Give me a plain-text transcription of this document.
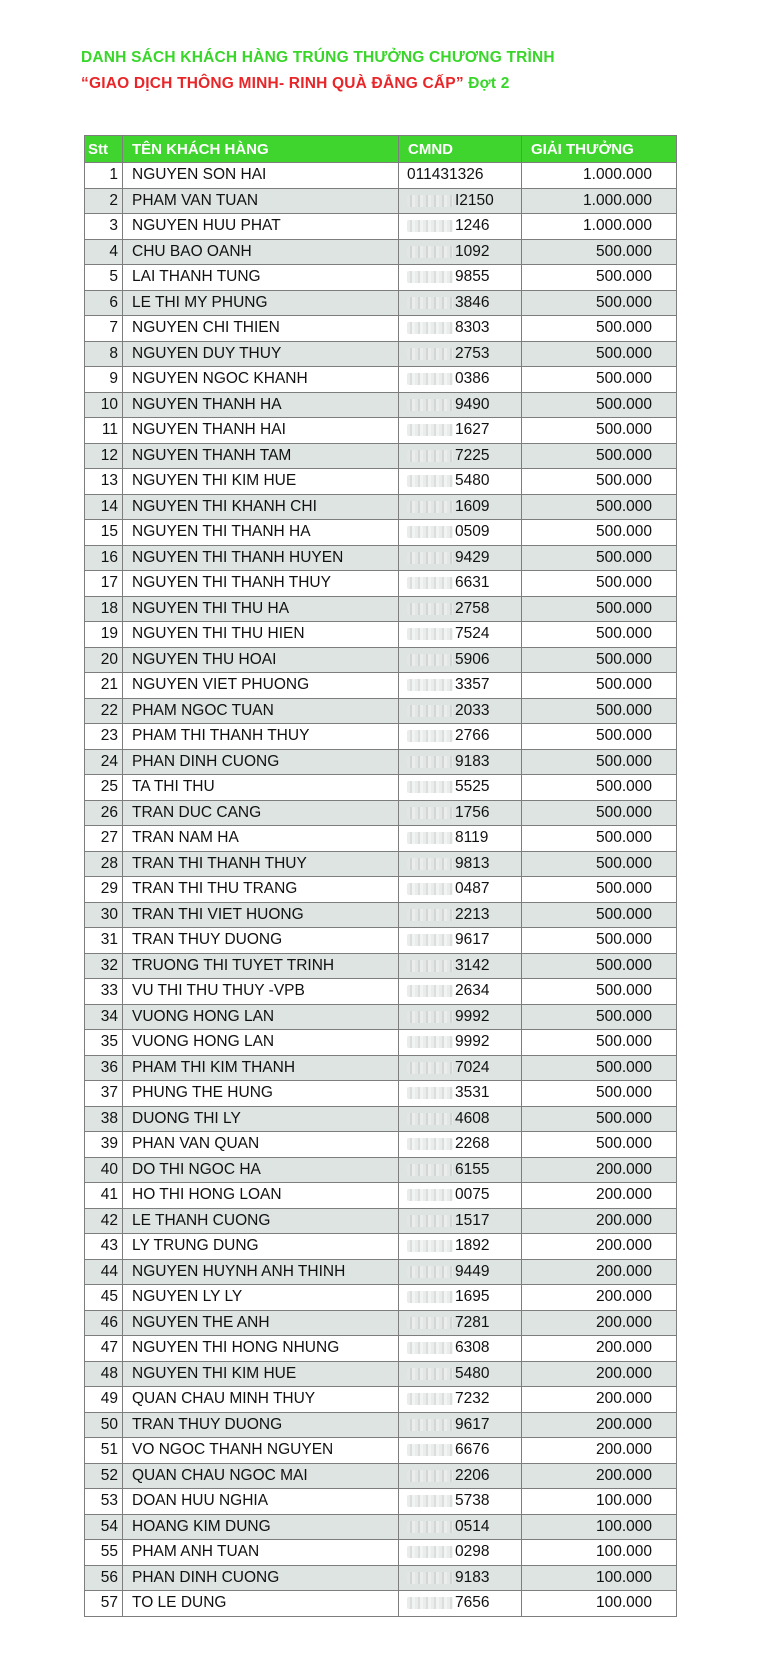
DANH SÁCH KHÁCH HÀNG TRÚNG THƯỞNG CHƯƠNG TRÌNH
“GIAO DỊCH THÔNG MINH- RINH QUÀ ĐẲNG CẤP” Đợt 2
Stt	TÊN KHÁCH HÀNG	CMND	GIẢI THƯỞNG
1	NGUYEN SON HAI	011431326	1.000.000
2	PHAM VAN TUAN	I2150	1.000.000
3	NGUYEN HUU PHAT	1246	1.000.000
4	CHU BAO OANH	1092	500.000
5	LAI THANH TUNG	9855	500.000
6	LE THI MY PHUNG	3846	500.000
7	NGUYEN CHI THIEN	8303	500.000
8	NGUYEN DUY THUY	2753	500.000
9	NGUYEN NGOC KHANH	0386	500.000
10	NGUYEN THANH HA	9490	500.000
11	NGUYEN THANH HAI	1627	500.000
12	NGUYEN THANH TAM	7225	500.000
13	NGUYEN THI KIM HUE	5480	500.000
14	NGUYEN THI KHANH CHI	1609	500.000
15	NGUYEN THI THANH HA	0509	500.000
16	NGUYEN THI THANH HUYEN	9429	500.000
17	NGUYEN THI THANH THUY	6631	500.000
18	NGUYEN THI THU HA	2758	500.000
19	NGUYEN THI THU HIEN	7524	500.000
20	NGUYEN THU HOAI	5906	500.000
21	NGUYEN VIET PHUONG	3357	500.000
22	PHAM NGOC TUAN	2033	500.000
23	PHAM THI THANH THUY	2766	500.000
24	PHAN DINH CUONG	9183	500.000
25	TA THI THU	5525	500.000
26	TRAN DUC CANG	1756	500.000
27	TRAN NAM HA	8119	500.000
28	TRAN THI THANH THUY	9813	500.000
29	TRAN THI THU TRANG	0487	500.000
30	TRAN THI VIET HUONG	2213	500.000
31	TRAN THUY DUONG	9617	500.000
32	TRUONG THI TUYET TRINH	3142	500.000
33	VU THI THU THUY -VPB	2634	500.000
34	VUONG HONG LAN	9992	500.000
35	VUONG HONG LAN	9992	500.000
36	PHAM THI KIM THANH	7024	500.000
37	PHUNG THE HUNG	3531	500.000
38	DUONG THI LY	4608	500.000
39	PHAN VAN QUAN	2268	500.000
40	DO THI NGOC HA	6155	200.000
41	HO THI HONG LOAN	0075	200.000
42	LE THANH CUONG	1517	200.000
43	LY TRUNG DUNG	1892	200.000
44	NGUYEN HUYNH ANH THINH	9449	200.000
45	NGUYEN LY LY	1695	200.000
46	NGUYEN THE ANH	7281	200.000
47	NGUYEN THI HONG NHUNG	6308	200.000
48	NGUYEN THI KIM HUE	5480	200.000
49	QUAN CHAU MINH THUY	7232	200.000
50	TRAN THUY DUONG	9617	200.000
51	VO NGOC THANH NGUYEN	6676	200.000
52	QUAN CHAU NGOC MAI	2206	200.000
53	DOAN HUU NGHIA	5738	100.000
54	HOANG KIM DUNG	0514	100.000
55	PHAM ANH TUAN	0298	100.000
56	PHAN DINH CUONG	9183	100.000
57	TO LE DUNG	7656	100.000
